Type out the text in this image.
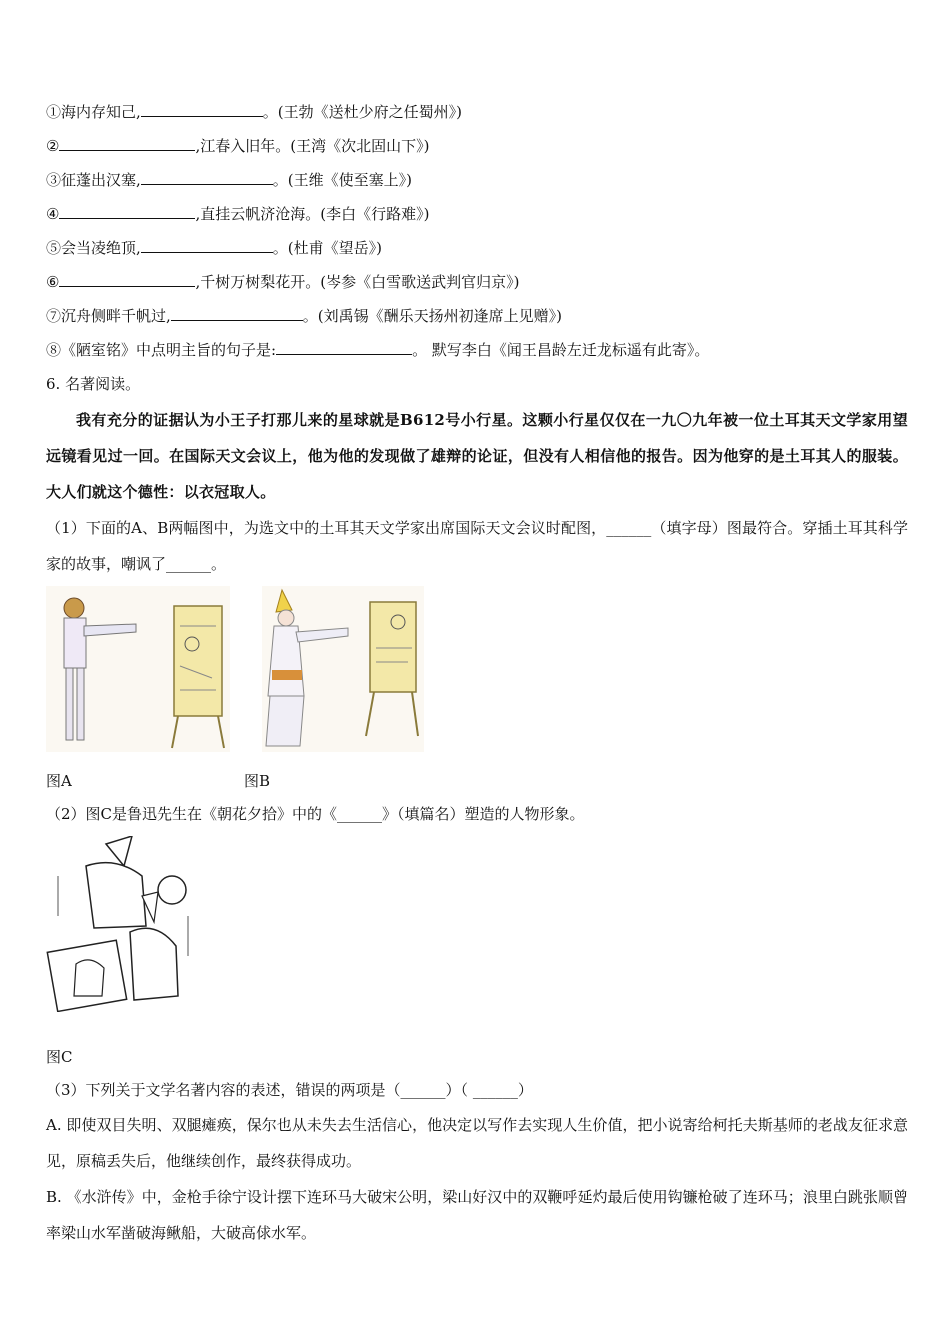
①海内存知己,	。(王勃《送杜少府之任蜀州》)
②	,江春入旧年。(王湾《次北固山下》)
③征蓬出汉塞,	。(王维《使至塞上》)
④	,直挂云帆济沧海。(李白《行路难》)
⑤会当凌绝顶,	。(杜甫《望岳》)
⑥	,千树万树梨花开。(岑参《白雪歌送武判官归京》)
⑦沉舟侧畔千帆过,	。(刘禹锡《酬乐天扬州初逢席上见赠》)
⑧《陋室铭》中点明主旨的句子是:	。 默写李白《闻王昌龄左迁龙标遥有此寄》。
6. 名著阅读。
我有充分的证据认为小王子打那儿来的星球就是B612号小行星。这颗小行星仅仅在一九〇九年被一位土耳其天文学家用望远镜看见过一回。在国际天文会议上，他为他的发现做了雄辩的论证，但没有人相信他的报告。因为他穿的是土耳其人的服装。大人们就这个德性：以衣冠取人。
（1）下面的A、B两幅图中，为选文中的土耳其天文学家出席国际天文会议时配图，______（填字母）图最符合。穿插土耳其科学家的故事，嘲讽了______。
图A	图B
（2）图C是鲁迅先生在《朝花夕拾》中的《______》（填篇名）塑造的人物形象。
图C
（3）下列关于文学名著内容的表述，错误的两项是（______）（ ______）
A. 即使双目失明、双腿瘫痪，保尔也从未失去生活信心，他决定以写作去实现人生价值，把小说寄给柯托夫斯基师的老战友征求意见，原稿丢失后，他继续创作，最终获得成功。
B. 《水浒传》中，金枪手徐宁设计摆下连环马大破宋公明，梁山好汉中的双鞭呼延灼最后使用钩镰枪破了连环马；浪里白跳张顺曾率梁山水军凿破海鳅船，大破高俅水军。
